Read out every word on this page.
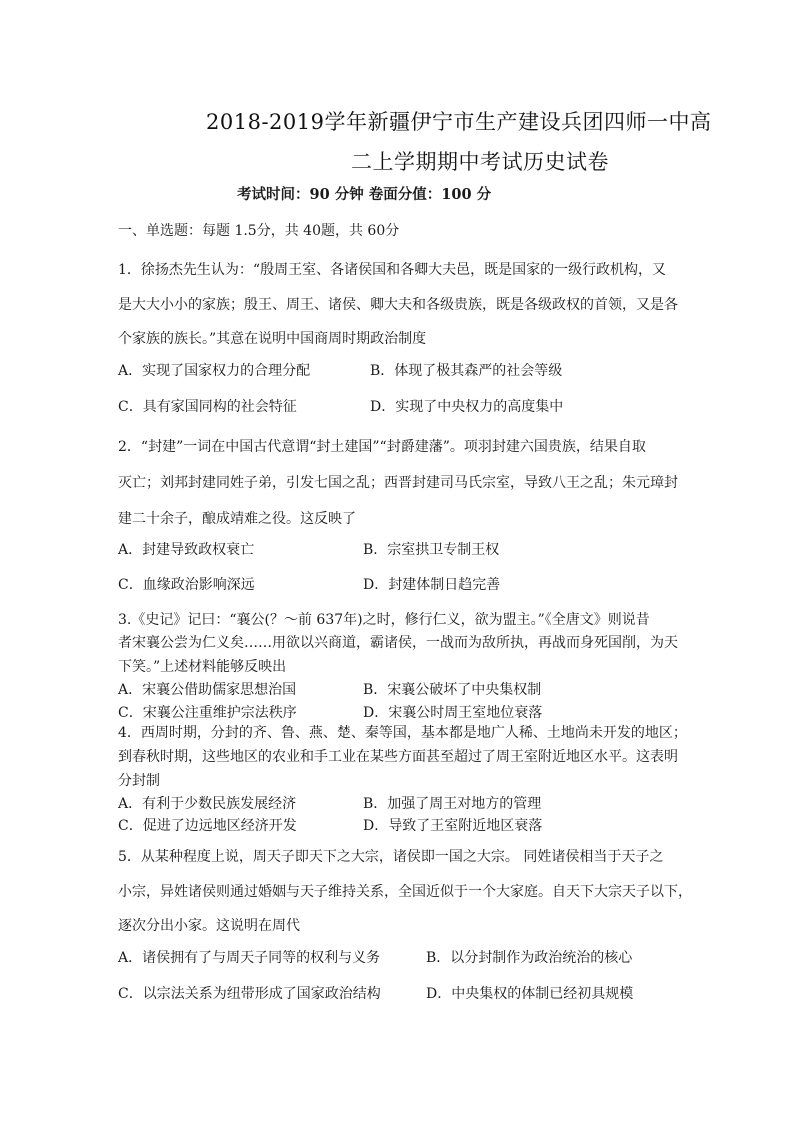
2018-2019学年新疆伊宁市生产建设兵团四师一中高
二上学期期中考试历史试卷
考试时间：90 分钟 卷面分值：100 分
一、单选题：每题 1.5分，共 40题，共 60分
1．徐扬杰先生认为：“殷周王室、各诸侯国和各卿大夫邑，既是国家的一级行政机构，又
是大大小小的家族；殷王、周王、诸侯、卿大夫和各级贵族，既是各级政权的首领，又是各
个家族的族长。”其意在说明中国商周时期政治制度
A．实现了国家权力的合理分配	B．体现了极其森严的社会等级
C．具有家国同构的社会特征	D．实现了中央权力的高度集中
2．“封建”一词在中国古代意谓“封土建国”“封爵建藩”。项羽封建六国贵族，结果自取
灭亡；刘邦封建同姓子弟，引发七国之乱；西晋封建司马氏宗室，导致八王之乱；朱元璋封
建二十余子，酿成靖难之役。这反映了
A．封建导致政权衰亡	B．宗室拱卫专制王权
C．血缘政治影响深远	D．封建体制日趋完善
3.《史记》记曰：“襄公(？～前 637年)之时，修行仁义，欲为盟主。”《全唐文》则说昔
者宋襄公尝为仁义矣……用欲以兴商道，霸诸侯，一战而为敌所执，再战而身死国削，为天
下笑。”上述材料能够反映出
A．宋襄公借助儒家思想治国	B．宋襄公破坏了中央集权制
C．宋襄公注重维护宗法秩序	D．宋襄公时周王室地位衰落
4．西周时期，分封的齐、鲁、燕、楚、秦等国，基本都是地广人稀、土地尚未开发的地区；
到春秋时期，这些地区的农业和手工业在某些方面甚至超过了周王室附近地区水平。这表明
分封制
A．有利于少数民族发展经济	B．加强了周王对地方的管理
C．促进了边远地区经济开发	D．导致了王室附近地区衰落
5．从某种程度上说，周天子即天下之大宗，诸侯即一国之大宗。 同姓诸侯相当于天子之
小宗，异姓诸侯则通过婚姻与天子维持关系，全国近似于一个大家庭。自天下大宗天子以下，
逐次分出小家。这说明在周代
A．诸侯拥有了与周天子同等的权利与义务	B．以分封制作为政治统治的核心
C．以宗法关系为纽带形成了国家政治结构	D．中央集权的体制已经初具规模
